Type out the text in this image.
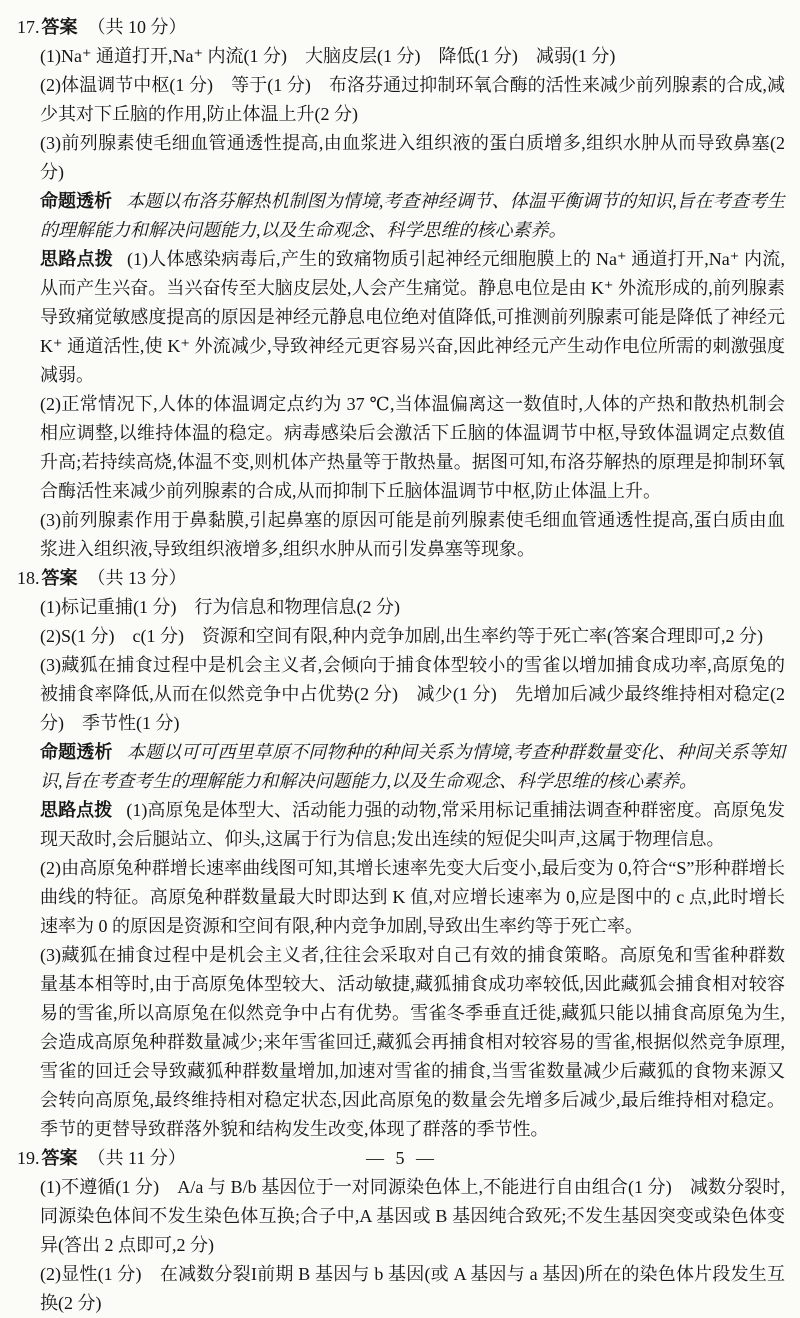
17. 答案 （共 10 分）

(1)Na⁺ 通道打开,Na⁺ 内流(1 分)　大脑皮层(1 分)　降低(1 分)　减弱(1 分)

(2)体温调节中枢(1 分)　等于(1 分)　布洛芬通过抑制环氧合酶的活性来减少前列腺素的合成,减少其对下丘脑的作用,防止体温上升(2 分)

(3)前列腺素使毛细血管通透性提高,由血浆进入组织液的蛋白质增多,组织水肿从而导致鼻塞(2 分)

命题透析 本题以布洛芬解热机制图为情境,考查神经调节、体温平衡调节的知识,旨在考查考生的理解能力和解决问题能力,以及生命观念、科学思维的核心素养。

思路点拨 (1)人体感染病毒后,产生的致痛物质引起神经元细胞膜上的 Na⁺ 通道打开,Na⁺ 内流,从而产生兴奋。当兴奋传至大脑皮层处,人会产生痛觉。静息电位是由 K⁺ 外流形成的,前列腺素导致痛觉敏感度提高的原因是神经元静息电位绝对值降低,可推测前列腺素可能是降低了神经元 K⁺ 通道活性,使 K⁺ 外流减少,导致神经元更容易兴奋,因此神经元产生动作电位所需的刺激强度减弱。

(2)正常情况下,人体的体温调定点约为 37 ℃,当体温偏离这一数值时,人体的产热和散热机制会相应调整,以维持体温的稳定。病毒感染后会激活下丘脑的体温调节中枢,导致体温调定点数值升高;若持续高烧,体温不变,则机体产热量等于散热量。据图可知,布洛芬解热的原理是抑制环氧合酶活性来减少前列腺素的合成,从而抑制下丘脑体温调节中枢,防止体温上升。

(3)前列腺素作用于鼻黏膜,引起鼻塞的原因可能是前列腺素使毛细血管通透性提高,蛋白质由血浆进入组织液,导致组织液增多,组织水肿从而引发鼻塞等现象。

18. 答案 （共 13 分）

(1)标记重捕(1 分)　行为信息和物理信息(2 分)

(2)S(1 分)　c(1 分)　资源和空间有限,种内竞争加剧,出生率约等于死亡率(答案合理即可,2 分)

(3)藏狐在捕食过程中是机会主义者,会倾向于捕食体型较小的雪雀以增加捕食成功率,高原兔的被捕食率降低,从而在似然竞争中占优势(2 分)　减少(1 分)　先增加后减少最终维持相对稳定(2 分)　季节性(1 分)

命题透析 本题以可可西里草原不同物种的种间关系为情境,考查种群数量变化、种间关系等知识,旨在考查考生的理解能力和解决问题能力,以及生命观念、科学思维的核心素养。

思路点拨 (1)高原兔是体型大、活动能力强的动物,常采用标记重捕法调查种群密度。高原兔发现天敌时,会后腿站立、仰头,这属于行为信息;发出连续的短促尖叫声,这属于物理信息。

(2)由高原兔种群增长速率曲线图可知,其增长速率先变大后变小,最后变为 0,符合“S”形种群增长曲线的特征。高原兔种群数量最大时即达到 K 值,对应增长速率为 0,应是图中的 c 点,此时增长速率为 0 的原因是资源和空间有限,种内竞争加剧,导致出生率约等于死亡率。

(3)藏狐在捕食过程中是机会主义者,往往会采取对自己有效的捕食策略。高原兔和雪雀种群数量基本相等时,由于高原兔体型较大、活动敏捷,藏狐捕食成功率较低,因此藏狐会捕食相对较容易的雪雀,所以高原兔在似然竞争中占有优势。雪雀冬季垂直迁徙,藏狐只能以捕食高原兔为生,会造成高原兔种群数量减少;来年雪雀回迁,藏狐会再捕食相对较容易的雪雀,根据似然竞争原理,雪雀的回迁会导致藏狐种群数量增加,加速对雪雀的捕食,当雪雀数量减少后藏狐的食物来源又会转向高原兔,最终维持相对稳定状态,因此高原兔的数量会先增多后减少,最后维持相对稳定。季节的更替导致群落外貌和结构发生改变,体现了群落的季节性。

19. 答案 （共 11 分）

(1)不遵循(1 分)　A/a 与 B/b 基因位于一对同源染色体上,不能进行自由组合(1 分)　减数分裂时,同源染色体间不发生染色体互换;合子中,A 基因或 B 基因纯合致死;不发生基因突变或染色体变异(答出 2 点即可,2 分)

(2)显性(1 分)　在减数分裂I前期 B 基因与 b 基因(或 A 基因与 a 基因)所在的染色体片段发生互换(2 分)

— 5 —
